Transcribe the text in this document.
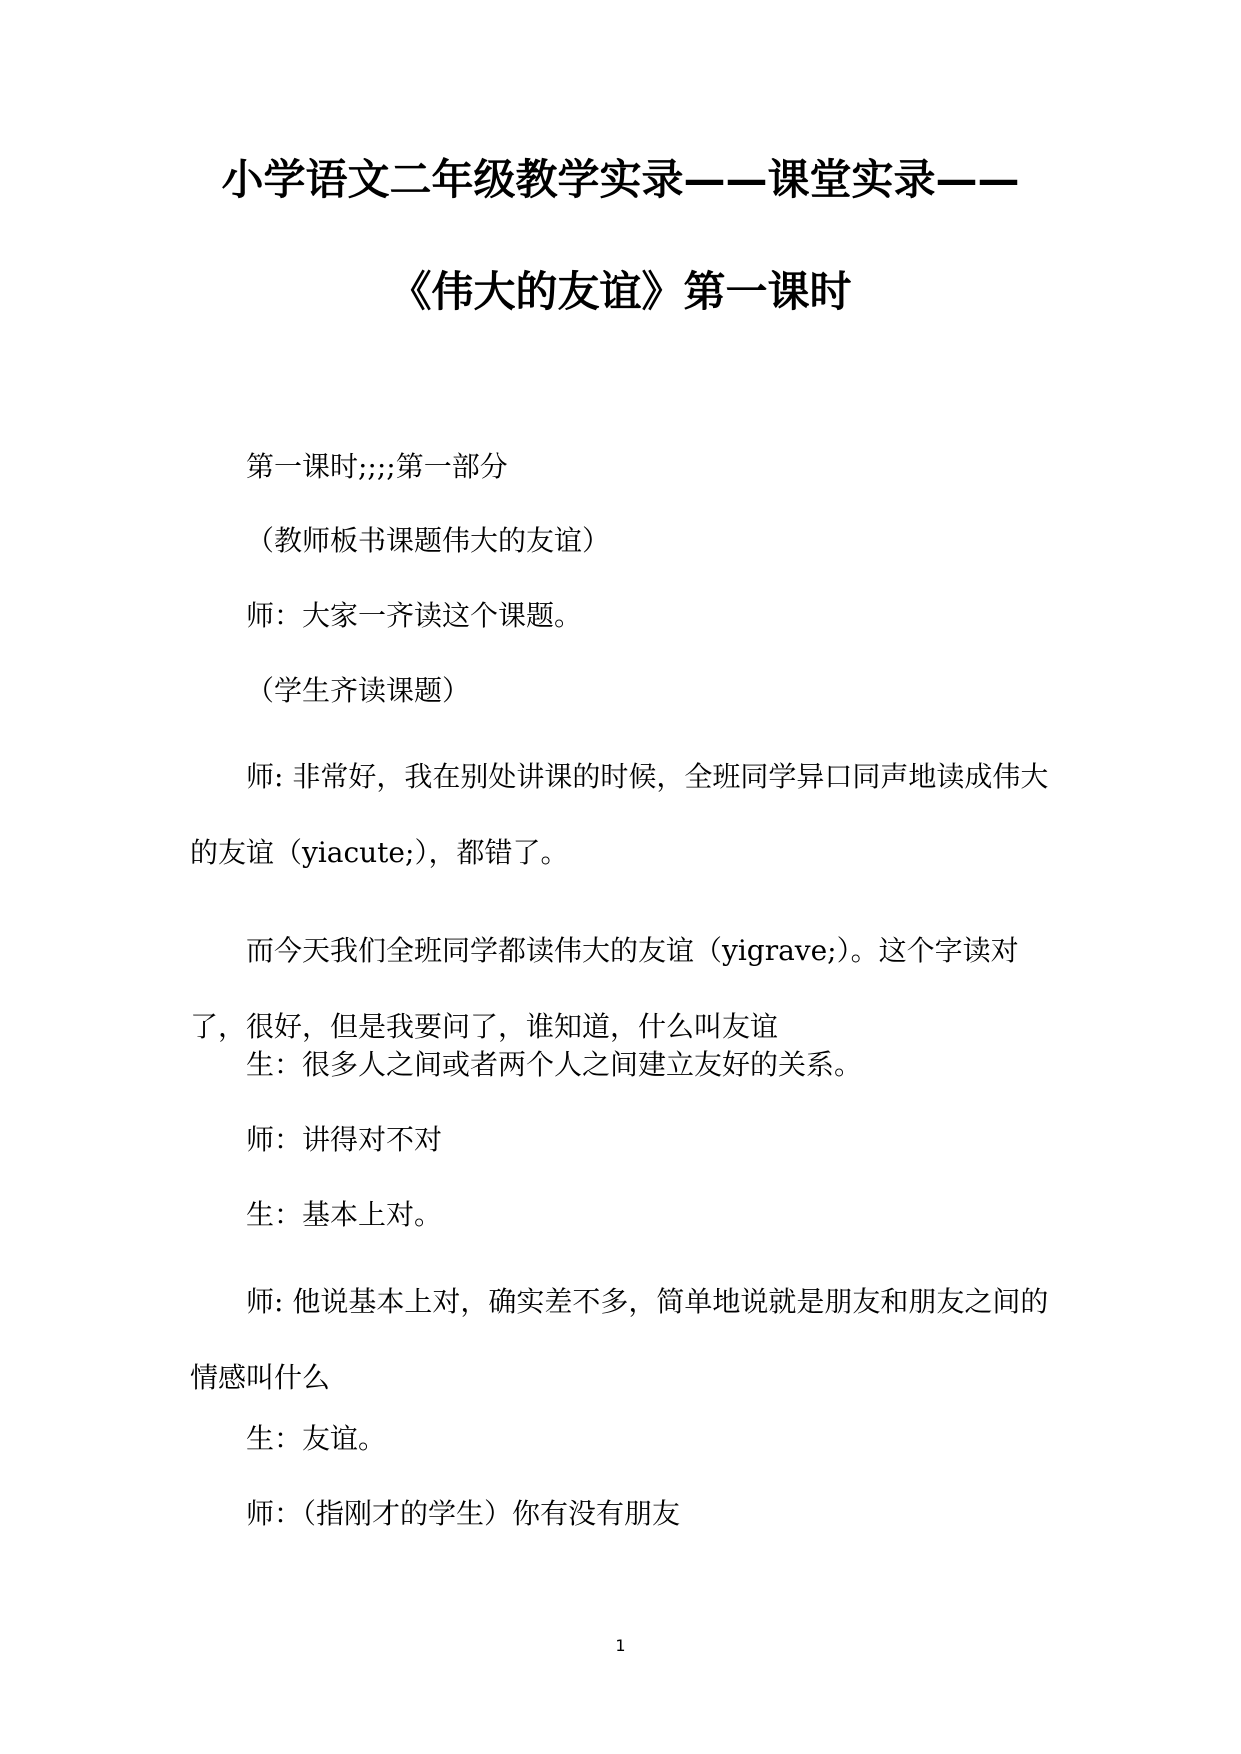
小学语文二年级教学实录——课堂实录——
《伟大的友谊》第一课时

第一课时;;;;第一部分

（教师板书课题伟大的友谊）

师：大家一齐读这个课题。

（学生齐读课题）

师: 非常好，我在别处讲课的时候，全班同学异口同声地读成伟大的友谊（yiacute;），都错了。

而今天我们全班同学都读伟大的友谊（yigrave;）。这个字读对了，很好，但是我要问了，谁知道，什么叫友谊

生：很多人之间或者两个人之间建立友好的关系。

师：讲得对不对

生：基本上对。

师: 他说基本上对，确实差不多，简单地说就是朋友和朋友之间的情感叫什么

生：友谊。

师：（指刚才的学生）你有没有朋友

1
